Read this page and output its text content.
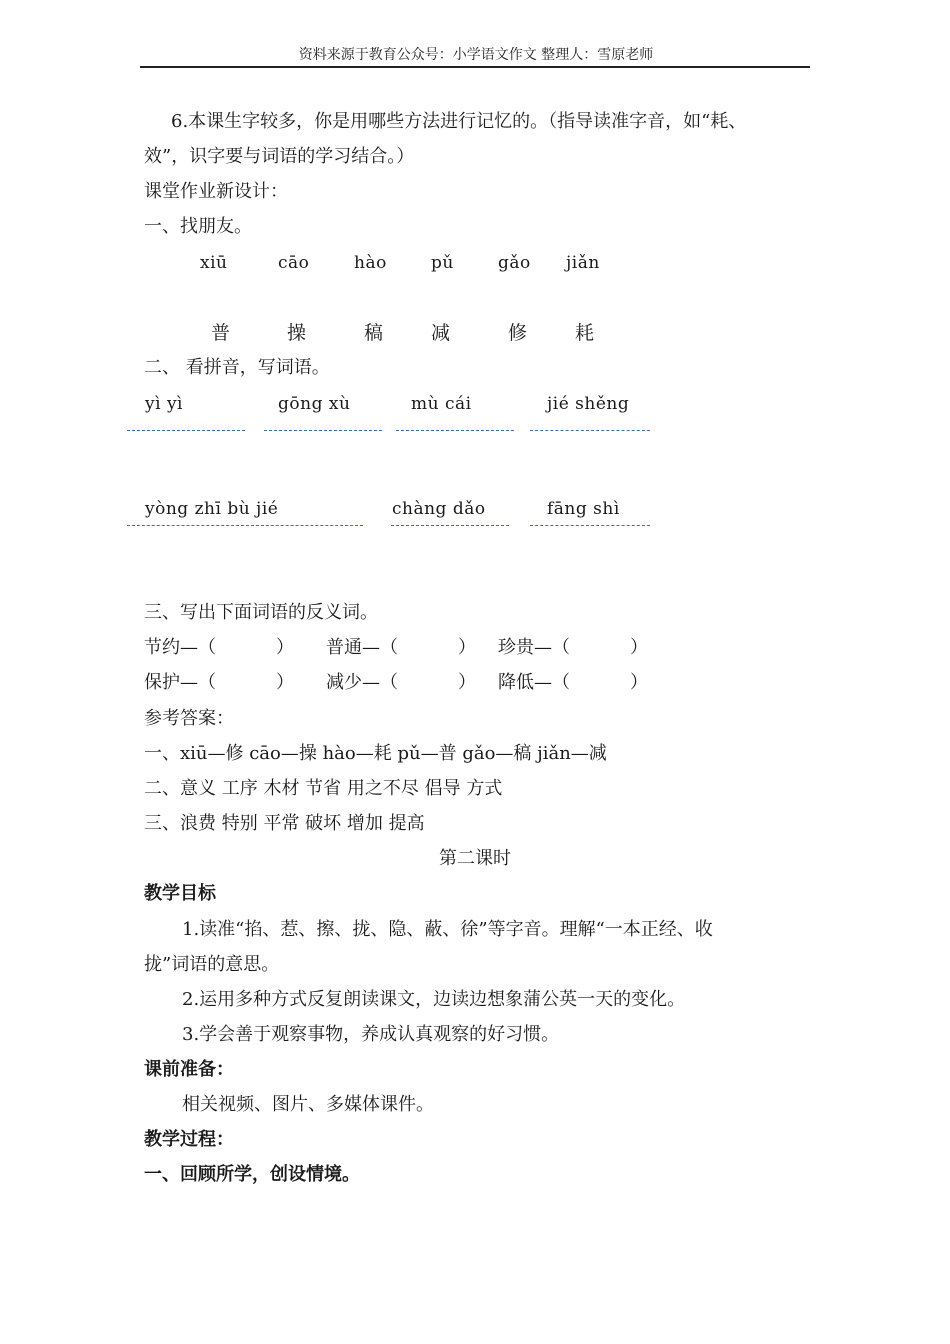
资料来源于教育公众号：小学语文作文 整理人：雪原老师
6.本课生字较多，你是用哪些方法进行记忆的。（指导读准字音，如“耗、
效”，识字要与词语的学习结合。）
课堂作业新设计：
一、找朋友。
xiū	cāo	hào	pǔ	gǎo jiǎn
普	操	稿	减	修	耗
二、 看拼音，写词语。
yì yì	gōng xù	mù cái	jié shěng
yòng zhī bù jié	chàng dǎo	fāng shì
三、写出下面词语的反义词。
节约—（	） 普通—（	） 珍贵—（	）
保护—（	） 减少—（	） 降低—（	）
参考答案：
一、xiū—修 cāo—操 hào—耗 pǔ—普 gǎo—稿 jiǎn—减
二、意义 工序 木材 节省 用之不尽 倡导 方式
三、浪费 特别 平常 破坏 增加 提高
第二课时
教学目标
1.读准“掐、惹、擦、拢、隐、蔽、徐”等字音。理解“一本正经、收
拢”词语的意思。
2.运用多种方式反复朗读课文，边读边想象蒲公英一天的变化。
3.学会善于观察事物，养成认真观察的好习惯。
课前准备：
相关视频、图片、多媒体课件。
教学过程：
一、回顾所学，创设情境。
